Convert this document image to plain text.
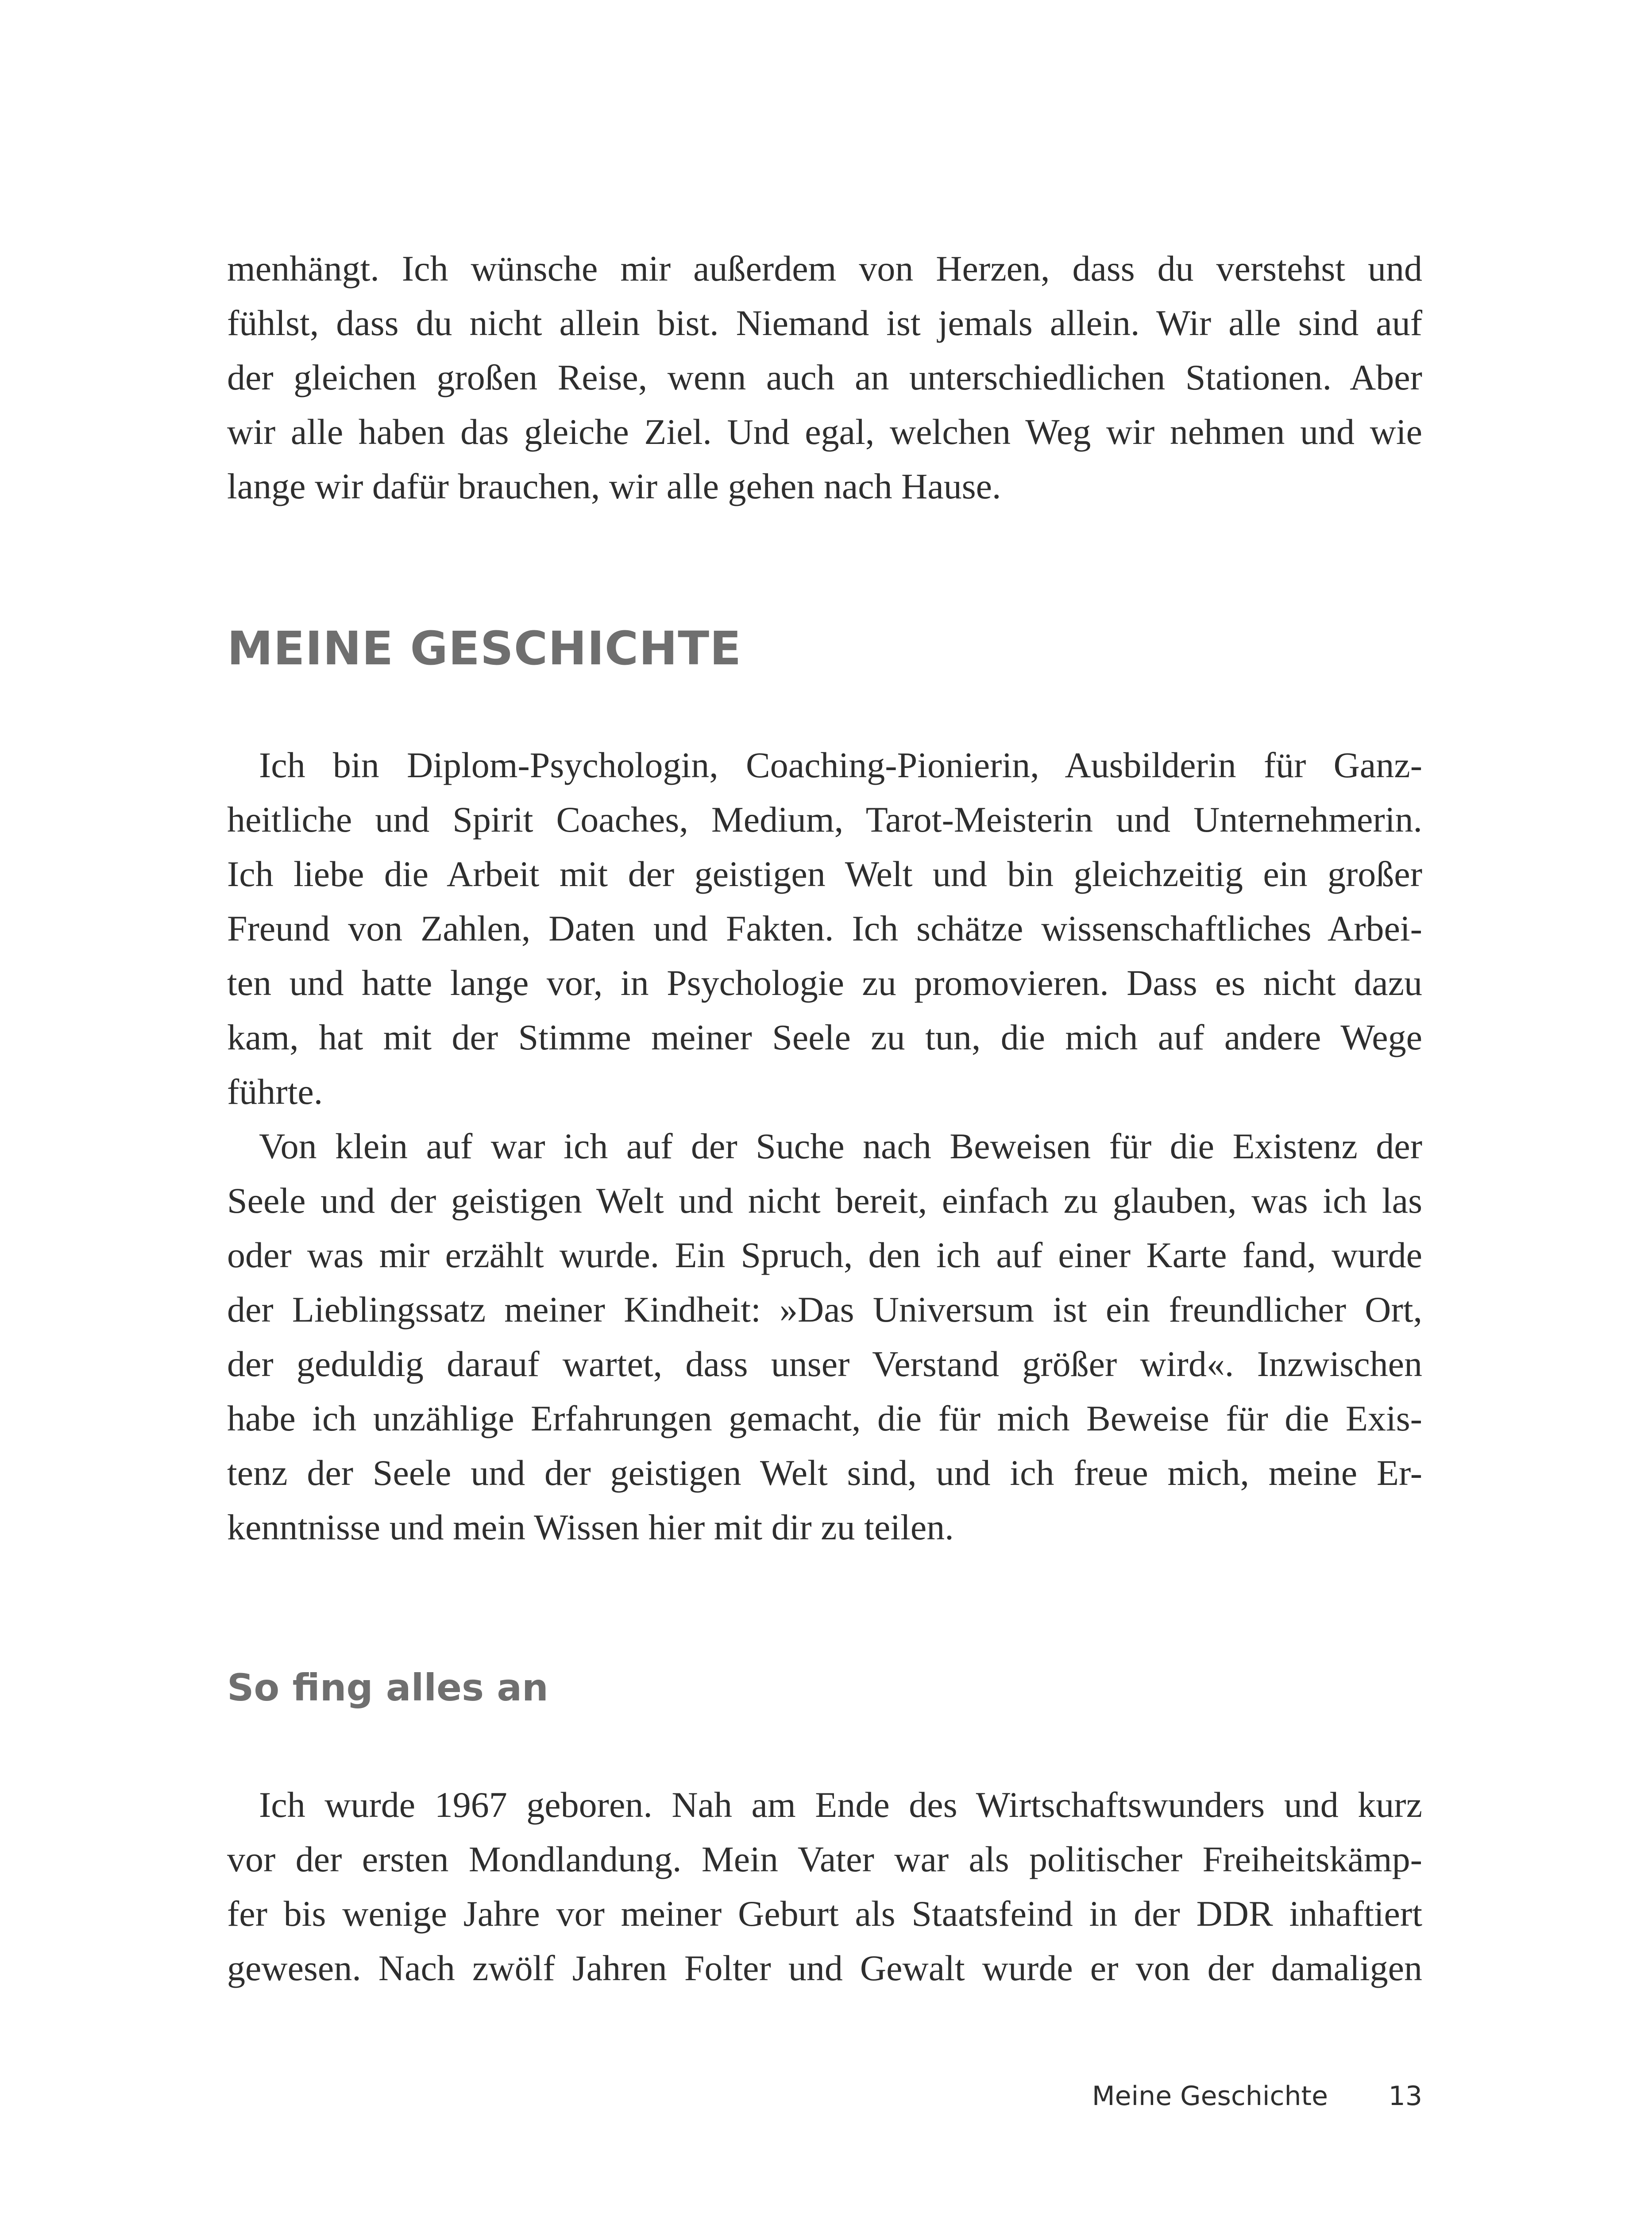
menhängt. Ich wünsche mir außerdem von Herzen, dass du verstehst und
fühlst, dass du nicht allein bist. Niemand ist jemals allein. Wir alle sind auf
der gleichen großen Reise, wenn auch an unterschiedlichen Stationen. Aber
wir alle haben das gleiche Ziel. Und egal, welchen Weg wir nehmen und wie
lange wir dafür brauchen, wir alle gehen nach Hause.
MEINE GESCHICHTE
Ich bin Diplom-Psychologin, Coaching-Pionierin, Ausbilderin für Ganz-
heitliche und Spirit Coaches, Medium, Tarot-Meisterin und Unternehmerin.
Ich liebe die Arbeit mit der geistigen Welt und bin gleichzeitig ein großer
Freund von Zahlen, Daten und Fakten. Ich schätze wissenschaftliches Arbei-
ten und hatte lange vor, in Psychologie zu promovieren. Dass es nicht dazu
kam, hat mit der Stimme meiner Seele zu tun, die mich auf andere Wege
führte.
Von klein auf war ich auf der Suche nach Beweisen für die Existenz der
Seele und der geistigen Welt und nicht bereit, einfach zu glauben, was ich las
oder was mir erzählt wurde. Ein Spruch, den ich auf einer Karte fand, wurde
der Lieblingssatz meiner Kindheit: »Das Universum ist ein freundlicher Ort,
der geduldig darauf wartet, dass unser Verstand größer wird«. Inzwischen
habe ich unzählige Erfahrungen gemacht, die für mich Beweise für die Exis-
tenz der Seele und der geistigen Welt sind, und ich freue mich, meine Er-
kenntnisse und mein Wissen hier mit dir zu teilen.
So fing alles an
Ich wurde 1967 geboren. Nah am Ende des Wirtschaftswunders und kurz
vor der ersten Mondlandung. Mein Vater war als politischer Freiheitskämp-
fer bis wenige Jahre vor meiner Geburt als Staatsfeind in der DDR inhaftiert
gewesen. Nach zwölf Jahren Folter und Gewalt wurde er von der damaligen
Meine Geschichte 13
